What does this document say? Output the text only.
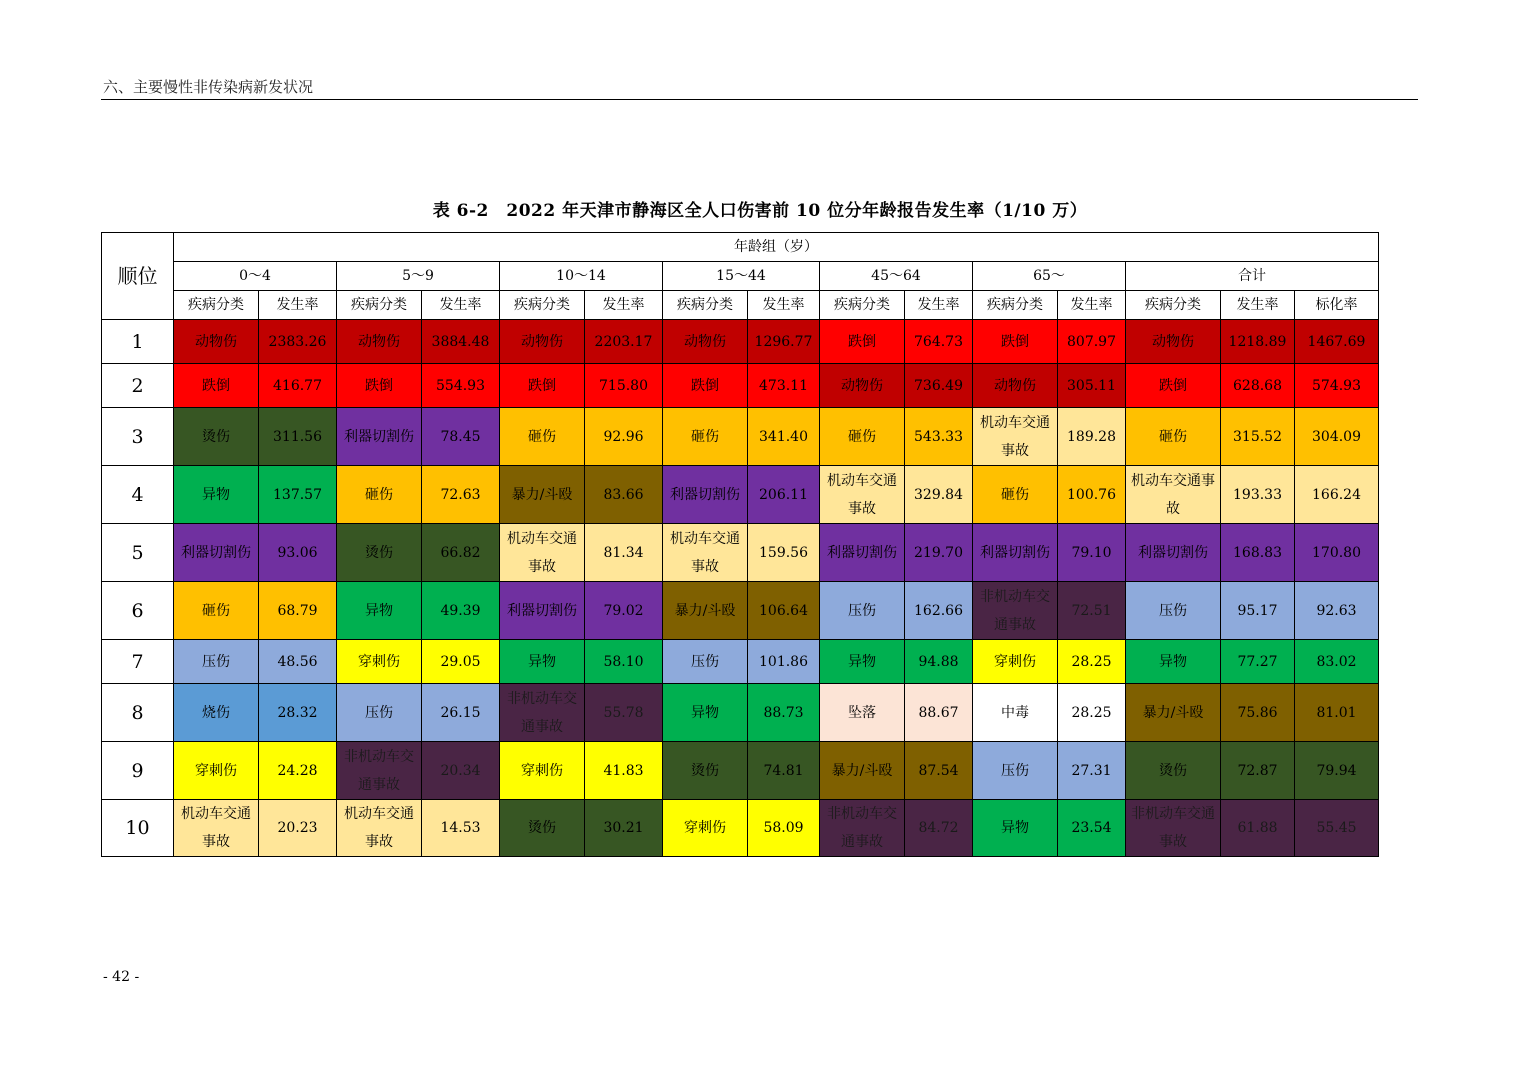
六、主要慢性非传染病新发状况
表 6-2　2022 年天津市静海区全人口伤害前 10 位分年龄报告发生率（1/10 万）
顺位	年龄组（岁）														
	0～4		5～9		10～14		15～44		45～64		65～		合计		
	疾病分类	发生率	疾病分类	发生率	疾病分类	发生率	疾病分类	发生率	疾病分类	发生率	疾病分类	发生率	疾病分类	发生率	标化率
1	动物伤	2383.26	动物伤	3884.48	动物伤	2203.17	动物伤	1296.77	跌倒	764.73	跌倒	807.97	动物伤	1218.89	1467.69
2	跌倒	416.77	跌倒	554.93	跌倒	715.80	跌倒	473.11	动物伤	736.49	动物伤	305.11	跌倒	628.68	574.93
3	烫伤	311.56	利器切割伤	78.45	砸伤	92.96	砸伤	341.40	砸伤	543.33	机动车交通事故	189.28	砸伤	315.52	304.09
4	异物	137.57	砸伤	72.63	暴力/斗殴	83.66	利器切割伤	206.11	机动车交通事故	329.84	砸伤	100.76	机动车交通事故	193.33	166.24
5	利器切割伤	93.06	烫伤	66.82	机动车交通事故	81.34	机动车交通事故	159.56	利器切割伤	219.70	利器切割伤	79.10	利器切割伤	168.83	170.80
6	砸伤	68.79	异物	49.39	利器切割伤	79.02	暴力/斗殴	106.64	压伤	162.66	非机动车交通事故	72.51	压伤	95.17	92.63
7	压伤	48.56	穿刺伤	29.05	异物	58.10	压伤	101.86	异物	94.88	穿刺伤	28.25	异物	77.27	83.02
8	烧伤	28.32	压伤	26.15	非机动车交通事故	55.78	异物	88.73	坠落	88.67	中毒	28.25	暴力/斗殴	75.86	81.01
9	穿刺伤	24.28	非机动车交通事故	20.34	穿刺伤	41.83	烫伤	74.81	暴力/斗殴	87.54	压伤	27.31	烫伤	72.87	79.94
10	机动车交通事故	20.23	机动车交通事故	14.53	烫伤	30.21	穿刺伤	58.09	非机动车交通事故	84.72	异物	23.54	非机动车交通事故	61.88	55.45
- 42 -
